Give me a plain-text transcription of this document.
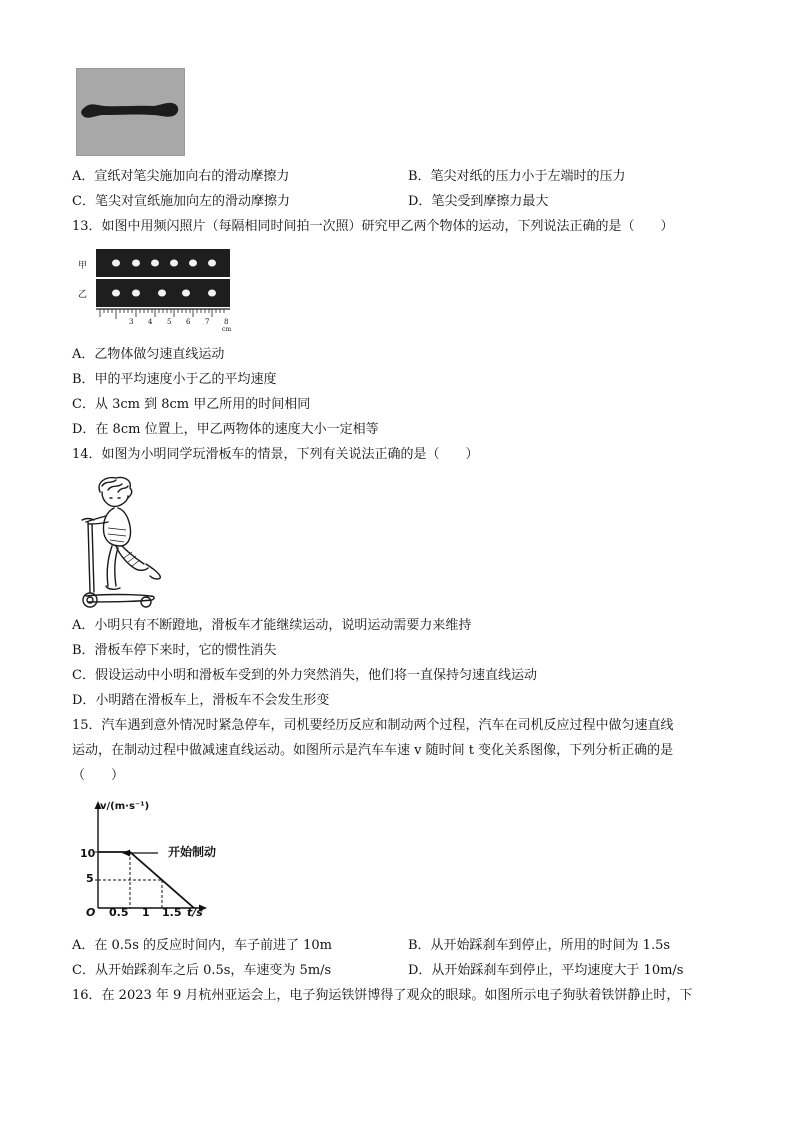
A．宣纸对笔尖施加向右的滑动摩擦力	B．笔尖对纸的压力小于左端时的压力
C．笔尖对宣纸施加向左的滑动摩擦力	D．笔尖受到摩擦力最大
13．如图中用频闪照片（每隔相同时间拍一次照）研究甲乙两个物体的运动，下列说法正确的是（　　）
甲
乙
3 4 5 6 7 8
cm
A．乙物体做匀速直线运动
B．甲的平均速度小于乙的平均速度
C．从 3cm 到 8cm 甲乙所用的时间相同
D．在 8cm 位置上，甲乙两物体的速度大小一定相等
14．如图为小明同学玩滑板车的情景，下列有关说法正确的是（　　）
A．小明只有不断蹬地，滑板车才能继续运动，说明运动需要力来维持
B．滑板车停下来时，它的惯性消失
C．假设运动中小明和滑板车受到的外力突然消失，他们将一直保持匀速直线运动
D．小明踏在滑板车上，滑板车不会发生形变
15．汽车遇到意外情况时紧急停车，司机要经历反应和制动两个过程，汽车在司机反应过程中做匀速直线
运动，在制动过程中做减速直线运动。如图所示是汽车车速 v 随时间 t 变化关系图像，下列分析正确的是
（　　）
v/(m·s⁻¹)
开始制动
10
5
O 0.5 1 1.5 t/s
A．在 0.5s 的反应时间内，车子前进了 10m	B．从开始踩刹车到停止，所用的时间为 1.5s
C．从开始踩刹车之后 0.5s，车速变为 5m/s	D．从开始踩刹车到停止，平均速度大于 10m/s
16．在 2023 年 9 月杭州亚运会上，电子狗运铁饼博得了观众的眼球。如图所示电子狗驮着铁饼静止时，下
